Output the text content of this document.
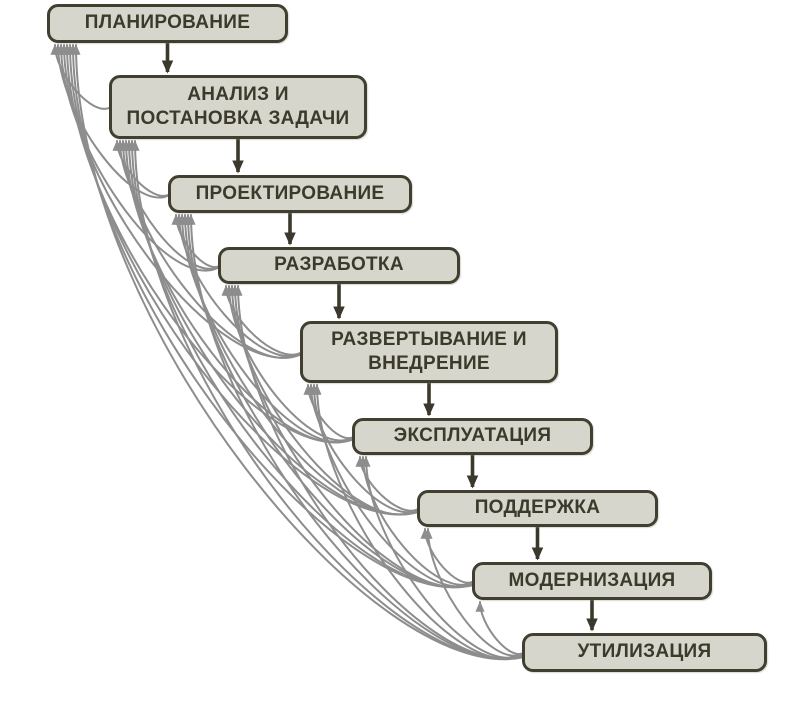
ПЛАНИРОВАНИЕ
АНАЛИЗ И
ПОСТАНОВКА ЗАДАЧИ
ПРОЕКТИРОВАНИЕ
РАЗРАБОТКА
РАЗВЕРТЫВАНИЕ И
ВНЕДРЕНИЕ
ЭКСПЛУАТАЦИЯ
ПОДДЕРЖКА
МОДЕРНИЗАЦИЯ
УТИЛИЗАЦИЯ
